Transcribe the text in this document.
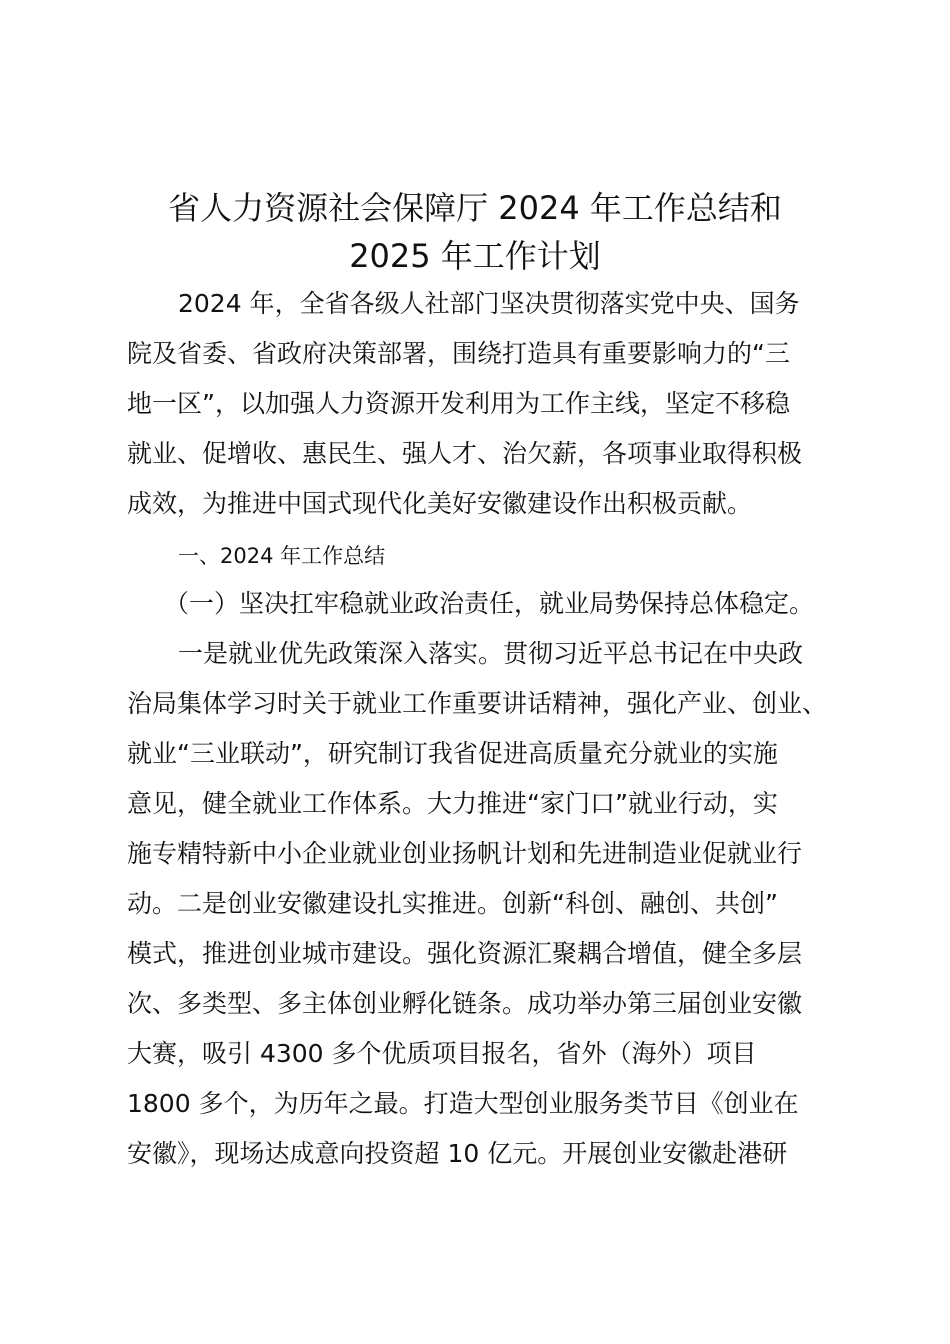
省人力资源社会保障厅 2024 年工作总结和
2025 年工作计划
2024 年，全省各级人社部门坚决贯彻落实党中央、国务
院及省委、省政府决策部署，围绕打造具有重要影响力的“三
地一区”，以加强人力资源开发利用为工作主线，坚定不移稳
就业、促增收、惠民生、强人才、治欠薪，各项事业取得积极
成效，为推进中国式现代化美好安徽建设作出积极贡献。
一、2024 年工作总结
（一）坚决扛牢稳就业政治责任，就业局势保持总体稳定。
一是就业优先政策深入落实。贯彻习近平总书记在中央政
治局集体学习时关于就业工作重要讲话精神，强化产业、创业、
就业“三业联动”，研究制订我省促进高质量充分就业的实施
意见，健全就业工作体系。大力推进“家门口”就业行动，实
施专精特新中小企业就业创业扬帆计划和先进制造业促就业行
动。二是创业安徽建设扎实推进。创新“科创、融创、共创”
模式，推进创业城市建设。强化资源汇聚耦合增值，健全多层
次、多类型、多主体创业孵化链条。成功举办第三届创业安徽
大赛，吸引 4300 多个优质项目报名，省外（海外）项目
1800 多个，为历年之最。打造大型创业服务类节目《创业在
安徽》，现场达成意向投资超 10 亿元。开展创业安徽赴港研
